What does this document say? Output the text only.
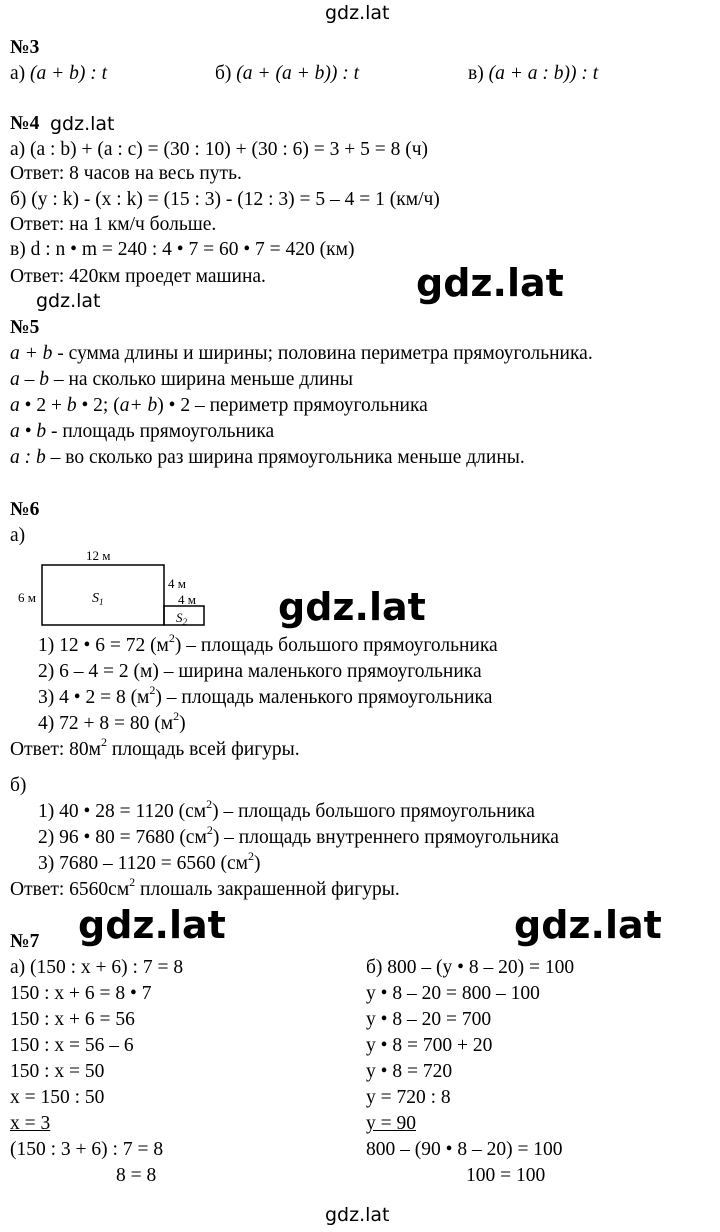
gdz.lat
gdz.lat
gdz.lat
gdz.lat
gdz.lat
gdz.lat	gdz.lat
gdz.lat
№3
а) (a + b) : t	б) (a + (a + b)) : t	в) (a + a : b)) : t
№4
а) (a : b) + (a : c) = (30 : 10) + (30 : 6) = 3 + 5 = 8 (ч)
Ответ: 8 часов на весь путь.
б) (y : k) - (x : k) = (15 : 3) - (12 : 3) = 5 – 4 = 1 (км/ч)
Ответ: на 1 км/ч больше.
в) d : n • m = 240 : 4 • 7 = 60 • 7 = 420 (км)
Ответ: 420км проедет машина.
№5
a + b - сумма длины и ширины; половина периметра прямоугольника.
a – b – на сколько ширина меньше длины
a • 2 + b • 2; (a+ b) • 2 – периметр прямоугольника
a • b - площадь прямоугольника
a : b – во сколько раз ширина прямоугольника меньше длины.
№6
а)
12 м
6 м
4 м
4 м
$S_1$
$S_2$
1) 12 • 6 = 72 $(м^2)$ – площадь большого прямоугольника
2) 6 – 4 = 2 (м) – ширина маленького прямоугольника
3) 4 • 2 = 8 $(м^2)$ – площадь маленького прямоугольника
4) 72 + 8 = 80 $(м^2)$
Ответ: $80м^2$ площадь всей фигуры.
б)
1) 40 • 28 = 1120 $(см^2)$ – площадь большого прямоугольника
2) 96 • 80 = 7680 $(см^2)$ – площадь внутреннего прямоугольника
3) 7680 – 1120 = 6560 $(см^2)$
Ответ: $6560см^2$ плошаль закрашенной фигуры.
№7
а) (150 : x + 6) : 7 = 8
150 : x + 6 = 8 • 7
150 : x + 6 = 56
150 : x = 56 – 6
150 : x = 50
x = 150 : 50
x = 3
(150 : 3 + 6) : 7 = 8
8 = 8
б) 800 – (y • 8 – 20) = 100
y • 8 – 20 = 800 – 100
y • 8 – 20 = 700
y • 8 = 700 + 20
y • 8 = 720
y = 720 : 8
y = 90
800 – (90 • 8 – 20) = 100
100 = 100
